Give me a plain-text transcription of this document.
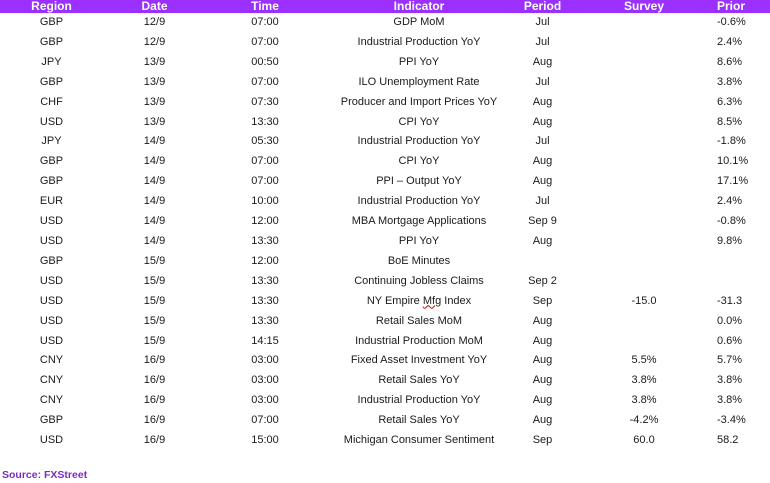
Region	Date	Time	Indicator	Period	Survey	Prior
GBP	12/9	07:00	GDP MoM	Jul		-0.6%
GBP	12/9	07:00	Industrial Production YoY	Jul		2.4%
JPY	13/9	00:50	PPI YoY	Aug		8.6%
GBP	13/9	07:00	ILO Unemployment Rate	Jul		3.8%
CHF	13/9	07:30	Producer and Import Prices YoY	Aug		6.3%
USD	13/9	13:30	CPI YoY	Aug		8.5%
JPY	14/9	05:30	Industrial Production YoY	Jul		-1.8%
GBP	14/9	07:00	CPI YoY	Aug		10.1%
GBP	14/9	07:00	PPI – Output YoY	Aug		17.1%
EUR	14/9	10:00	Industrial Production YoY	Jul		2.4%
USD	14/9	12:00	MBA Mortgage Applications	Sep 9		-0.8%
USD	14/9	13:30	PPI YoY	Aug		9.8%
GBP	15/9	12:00	BoE Minutes			
USD	15/9	13:30	Continuing Jobless Claims	Sep 2		
USD	15/9	13:30	NY Empire Mfg Index	Sep	-15.0	-31.3
USD	15/9	13:30	Retail Sales MoM	Aug		0.0%
USD	15/9	14:15	Industrial Production MoM	Aug		0.6%
CNY	16/9	03:00	Fixed Asset Investment YoY	Aug	5.5%	5.7%
CNY	16/9	03:00	Retail Sales YoY	Aug	3.8%	3.8%
CNY	16/9	03:00	Industrial Production YoY	Aug	3.8%	3.8%
GBP	16/9	07:00	Retail Sales YoY	Aug	-4.2%	-3.4%
USD	16/9	15:00	Michigan Consumer Sentiment	Sep	60.0	58.2
Source: FXStreet
